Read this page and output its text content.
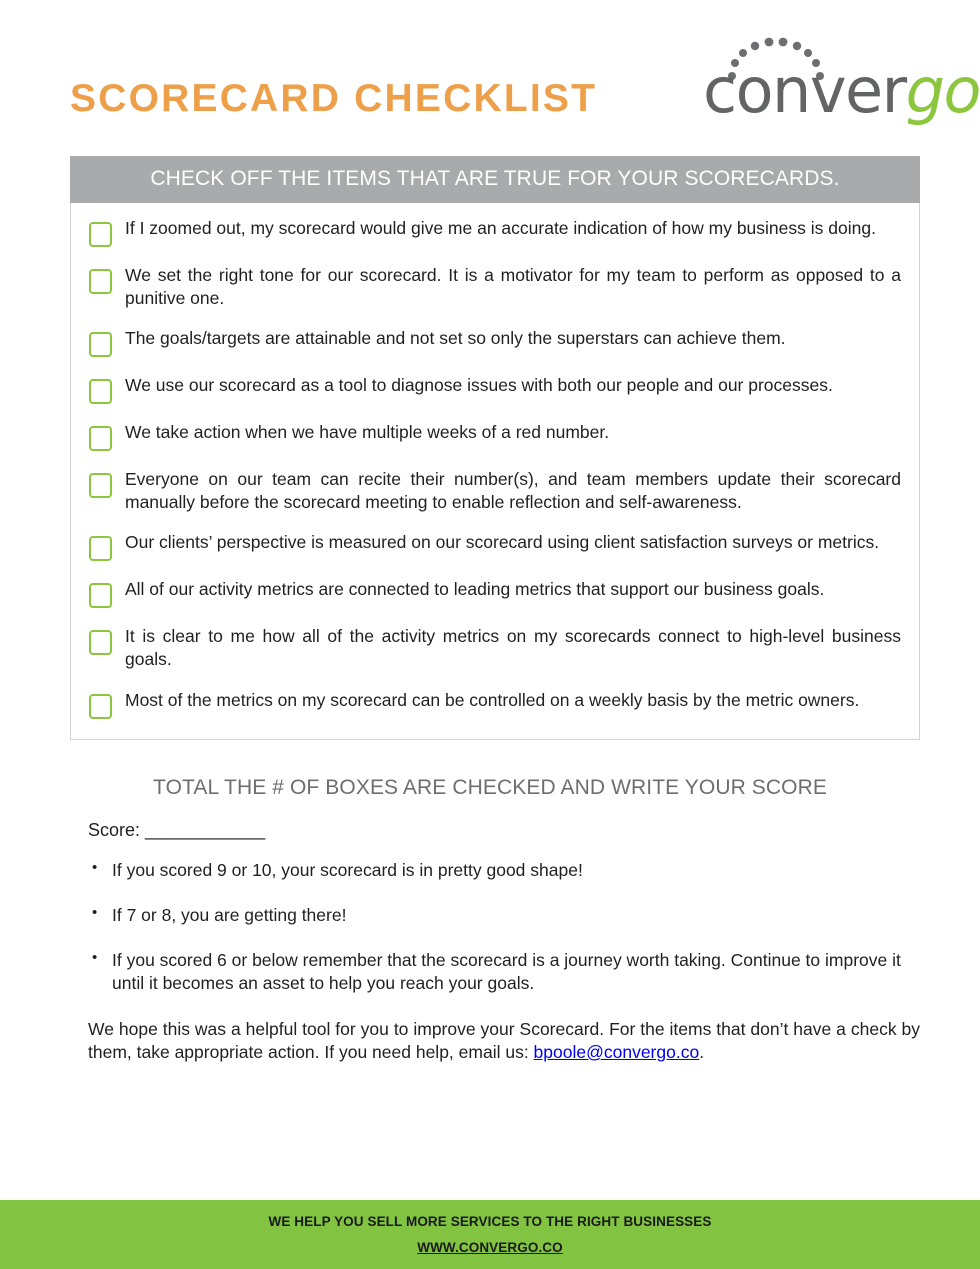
SCORECARD CHECKLIST convergo
CHECK OFF THE ITEMS THAT ARE TRUE FOR YOUR SCORECARDS.
If I zoomed out, my scorecard would give me an accurate indication of how my business is doing.
We set the right tone for our scorecard. It is a motivator for my team to perform as opposed to a punitive one.
The goals/targets are attainable and not set so only the superstars can achieve them.
We use our scorecard as a tool to diagnose issues with both our people and our processes.
We take action when we have multiple weeks of a red number.
Everyone on our team can recite their number(s), and team members update their scorecard manually before the scorecard meeting to enable reflection and self-awareness.
Our clients’ perspective is measured on our scorecard using client satisfaction surveys or metrics.
All of our activity metrics are connected to leading metrics that support our business goals.
It is clear to me how all of the activity metrics on my scorecards connect to high-level business goals.
Most of the metrics on my scorecard can be controlled on a weekly basis by the metric owners.
TOTAL THE # OF BOXES ARE CHECKED AND WRITE YOUR SCORE
Score: ____________
• If you scored 9 or 10, your scorecard is in pretty good shape!
• If 7 or 8, you are getting there!
• If you scored 6 or below remember that the scorecard is a journey worth taking. Continue to improve it until it becomes an asset to help you reach your goals.
We hope this was a helpful tool for you to improve your Scorecard. For the items that don’t have a check by them, take appropriate action. If you need help, email us: bpoole@convergo.co.
WE HELP YOU SELL MORE SERVICES TO THE RIGHT BUSINESSES
WWW.CONVERGO.CO
